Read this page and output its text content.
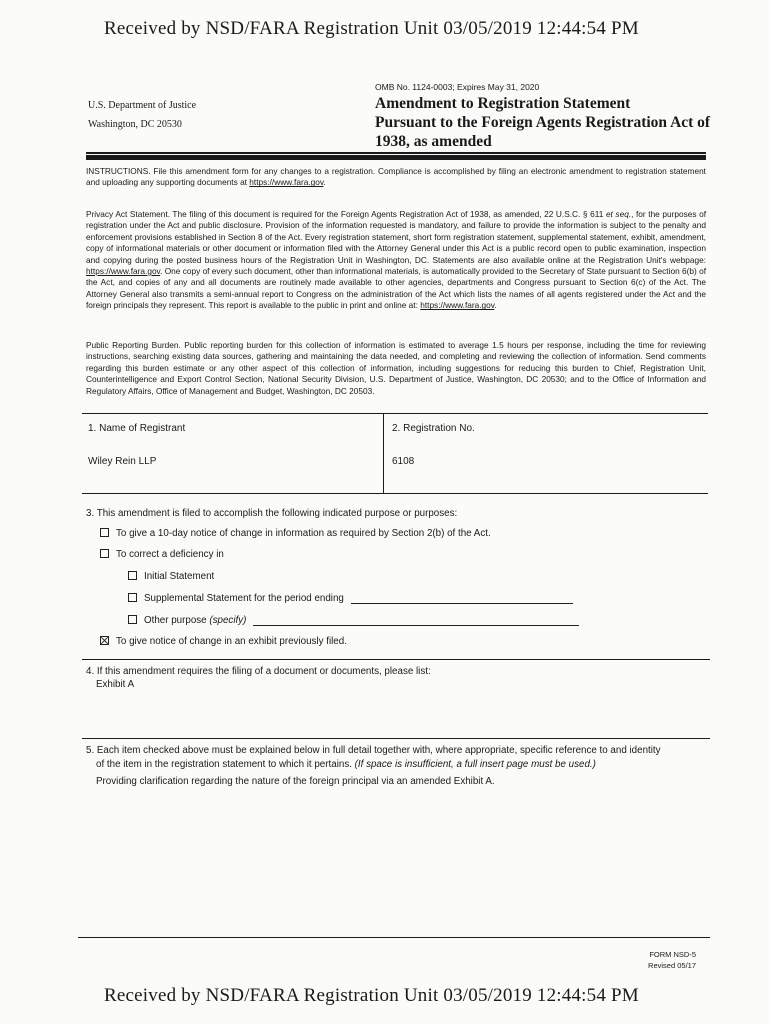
Received by NSD/FARA Registration Unit 03/05/2019 12:44:54 PM
U.S. Department of Justice
Washington, DC 20530
OMB No. 1124-0003; Expires May 31, 2020
Amendment to Registration Statement
Pursuant to the Foreign Agents Registration Act of
1938, as amended
INSTRUCTIONS. File this amendment form for any changes to a registration. Compliance is accomplished by filing an electronic amendment to registration statement and uploading any supporting documents at https://www.fara.gov.
Privacy Act Statement. The filing of this document is required for the Foreign Agents Registration Act of 1938, as amended, 22 U.S.C. § 611 et seq., for the purposes of registration under the Act and public disclosure. Provision of the information requested is mandatory, and failure to provide the information is subject to the penalty and enforcement provisions established in Section 8 of the Act. Every registration statement, short form registration statement, supplemental statement, exhibit, amendment, copy of informational materials or other document or information filed with the Attorney General under this Act is a public record open to public examination, inspection and copying during the posted business hours of the Registration Unit in Washington, DC. Statements are also available online at the Registration Unit's webpage: https://www.fara.gov. One copy of every such document, other than informational materials, is automatically provided to the Secretary of State pursuant to Section 6(b) of the Act, and copies of any and all documents are routinely made available to other agencies, departments and Congress pursuant to Section 6(c) of the Act. The Attorney General also transmits a semi-annual report to Congress on the administration of the Act which lists the names of all agents registered under the Act and the foreign principals they represent. This report is available to the public in print and online at: https://www.fara.gov.
Public Reporting Burden. Public reporting burden for this collection of information is estimated to average 1.5 hours per response, including the time for reviewing instructions, searching existing data sources, gathering and maintaining the data needed, and completing and reviewing the collection of information. Send comments regarding this burden estimate or any other aspect of this collection of information, including suggestions for reducing this burden to Chief, Registration Unit, Counterintelligence and Export Control Section, National Security Division, U.S. Department of Justice, Washington, DC 20530; and to the Office of Information and Regulatory Affairs, Office of Management and Budget, Washington, DC 20503.
1. Name of Registrant
Wiley Rein LLP
2. Registration No.
6108
3. This amendment is filed to accomplish the following indicated purpose or purposes:
To give a 10-day notice of change in information as required by Section 2(b) of the Act.
To correct a deficiency in
Initial Statement
Supplemental Statement for the period ending
Other purpose (specify)
To give notice of change in an exhibit previously filed.
4. If this amendment requires the filing of a document or documents, please list:
Exhibit A
5. Each item checked above must be explained below in full detail together with, where appropriate, specific reference to and identity
of the item in the registration statement to which it pertains. (If space is insufficient, a full insert page must be used.)
Providing clarification regarding the nature of the foreign principal via an amended Exhibit A.
FORM NSD-5
Revised 05/17
Received by NSD/FARA Registration Unit 03/05/2019 12:44:54 PM
